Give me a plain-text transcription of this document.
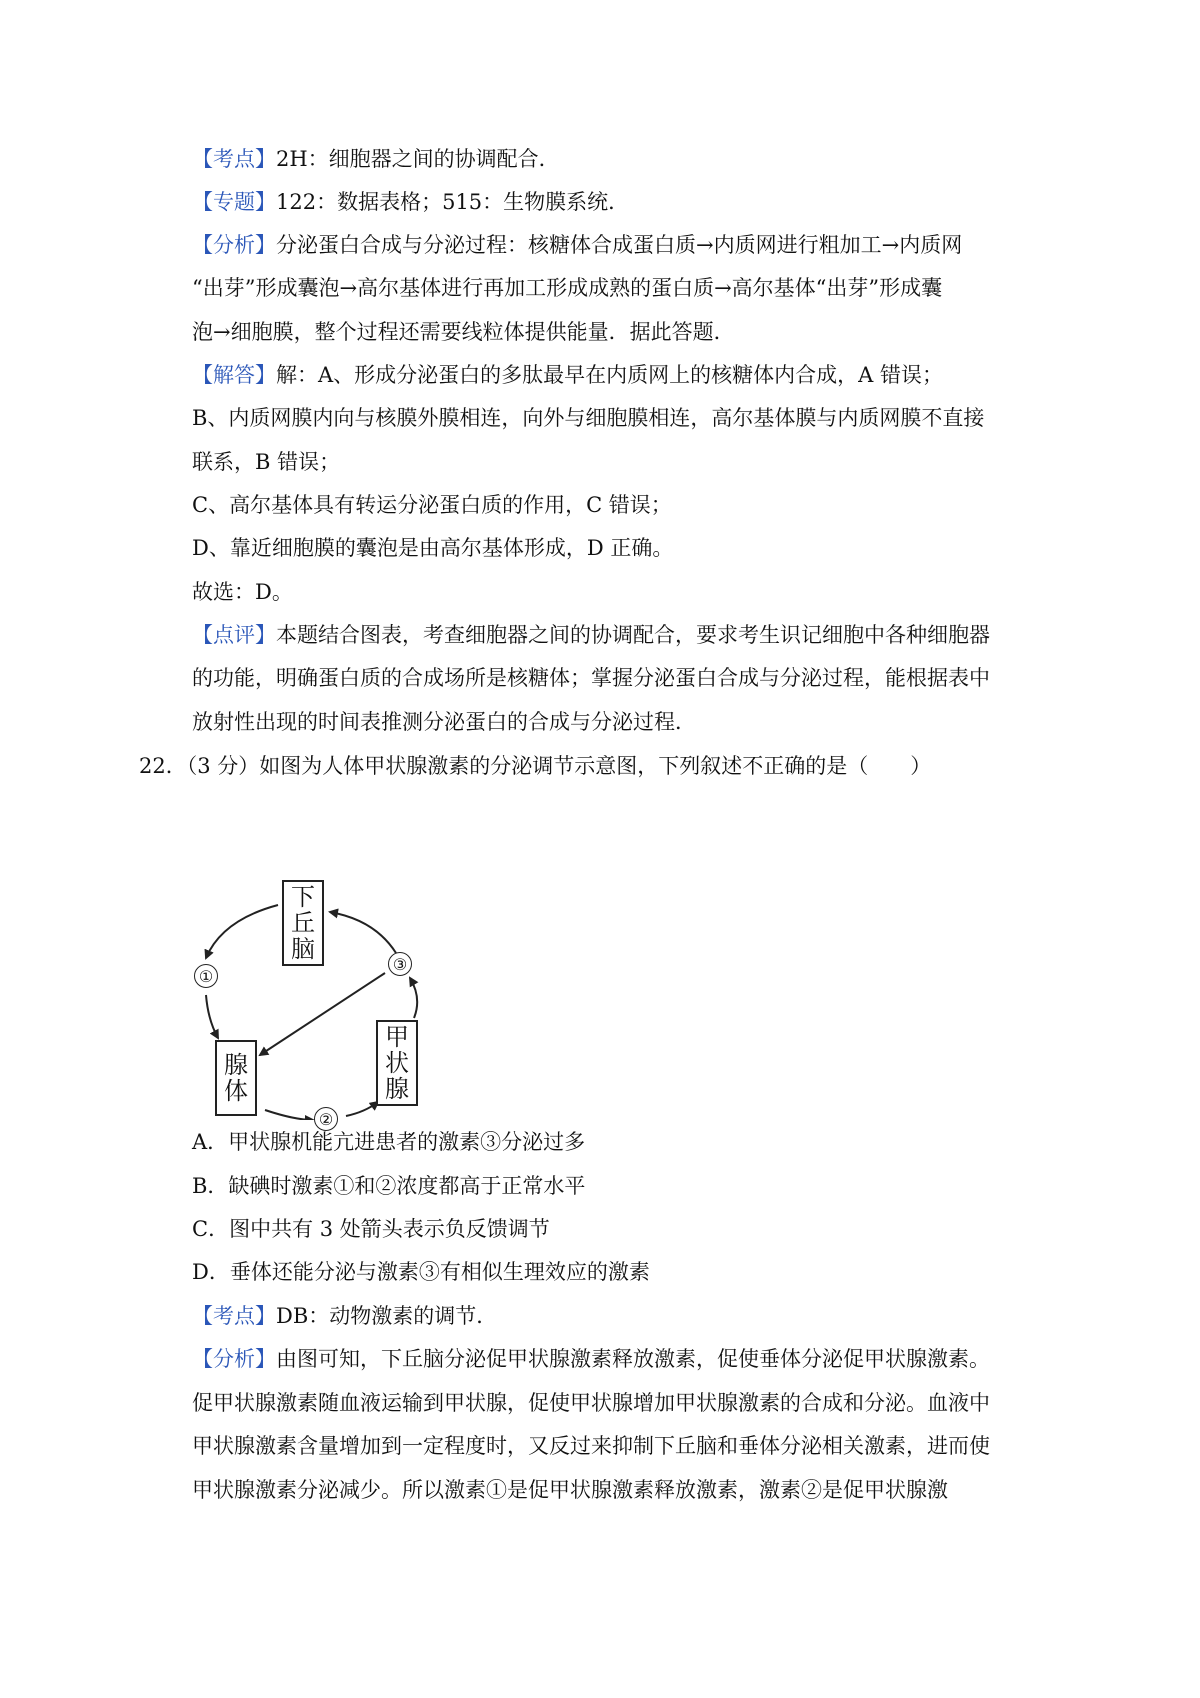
【考点】2H：细胞器之间的协调配合．
【专题】122：数据表格；515：生物膜系统．
【分析】分泌蛋白合成与分泌过程：核糖体合成蛋白质→内质网进行粗加工→内质网
“出芽”形成囊泡→高尔基体进行再加工形成成熟的蛋白质→高尔基体“出芽”形成囊
泡→细胞膜，整个过程还需要线粒体提供能量．据此答题．
【解答】解：A、形成分泌蛋白的多肽最早在内质网上的核糖体内合成，A 错误；
B、内质网膜内向与核膜外膜相连，向外与细胞膜相连，高尔基体膜与内质网膜不直接
联系，B 错误；
C、高尔基体具有转运分泌蛋白质的作用，C 错误；
D、靠近细胞膜的囊泡是由高尔基体形成，D 正确。
故选：D。
【点评】本题结合图表，考查细胞器之间的协调配合，要求考生识记细胞中各种细胞器
的功能，明确蛋白质的合成场所是核糖体；掌握分泌蛋白合成与分泌过程，能根据表中
放射性出现的时间表推测分泌蛋白的合成与分泌过程．
22．（3 分）如图为人体甲状腺激素的分泌调节示意图，下列叙述不正确的是（　　）
下
丘
脑
腺
体
甲
状
腺
①
②
③
A．甲状腺机能亢进患者的激素③分泌过多
B．缺碘时激素①和②浓度都高于正常水平
C．图中共有 3 处箭头表示负反馈调节
D．垂体还能分泌与激素③有相似生理效应的激素
【考点】DB：动物激素的调节．
【分析】由图可知，下丘脑分泌促甲状腺激素释放激素，促使垂体分泌促甲状腺激素。
促甲状腺激素随血液运输到甲状腺，促使甲状腺增加甲状腺激素的合成和分泌。血液中
甲状腺激素含量增加到一定程度时，又反过来抑制下丘脑和垂体分泌相关激素，进而使
甲状腺激素分泌减少。所以激素①是促甲状腺激素释放激素，激素②是促甲状腺激
